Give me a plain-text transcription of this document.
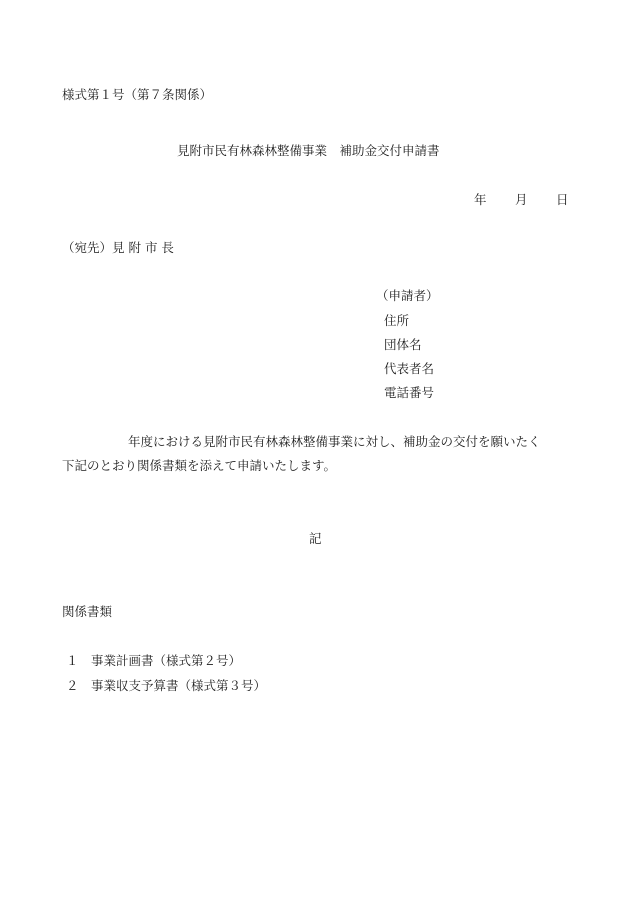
様式第１号（第７条関係）
見附市民有林森林整備事業　補助金交付申請書
年 月 日
（宛先）見 附 市 長
（申請者）
住所
団体名
代表者名
電話番号
年度における見附市民有林森林整備事業に対し、補助金の交付を願いたく
下記のとおり関係書類を添えて申請いたします。
記
関係書類
１ 事業計画書（様式第２号）
２ 事業収支予算書（様式第３号）
